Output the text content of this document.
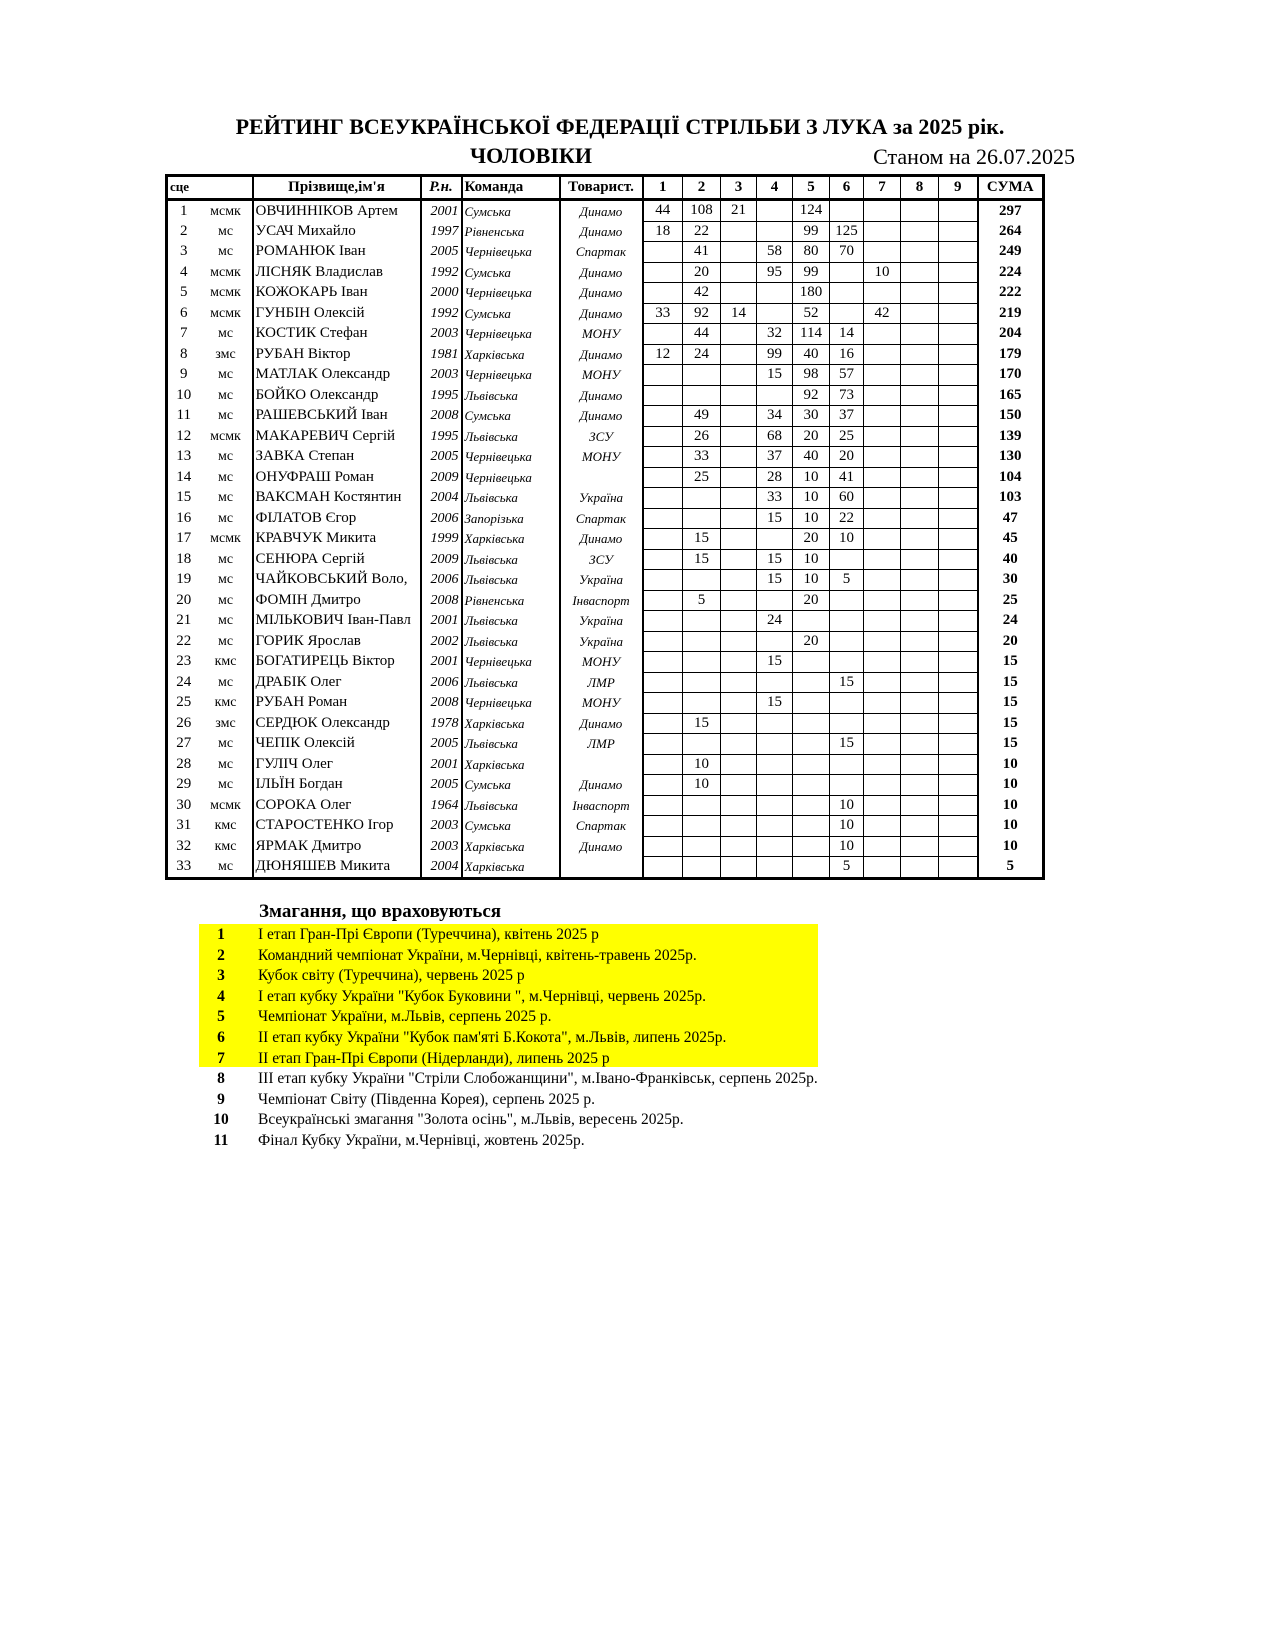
РЕЙТИНГ ВСЕУКРАЇНСЬКОЇ ФЕДЕРАЦІЇ СТРІЛЬБИ З ЛУКА за 2025 рік.
ЧОЛОВІКИ	Станом на 26.07.2025
сце		Прізвище,ім'я	Р.н.	Команда	Товарист.	1	2	3	4	5	6	7	8	9	СУМА
1	мсмк	ОВЧИННІКОВ Артем	2001	Сумська	Динамо	44	108	21		124					297
2	мс	УСАЧ Михайло	1997	Рівненська	Динамо	18	22			99	125				264
3	мс	РОМАНЮК Іван	2005	Чернівецька	Спартак		41		58	80	70				249
4	мсмк	ЛІСНЯК Владислав	1992	Сумська	Динамо		20		95	99		10			224
5	мсмк	КОЖОКАРЬ Іван	2000	Чернівецька	Динамо		42			180					222
6	мсмк	ГУНБІН Олексій	1992	Сумська	Динамо	33	92	14		52		42			219
7	мс	КОСТИК Стефан	2003	Чернівецька	МОНУ		44		32	114	14				204
8	змс	РУБАН Віктор	1981	Харківська	Динамо	12	24		99	40	16				179
9	мс	МАТЛАК Олександр	2003	Чернівецька	МОНУ				15	98	57				170
10	мс	БОЙКО Олександр	1995	Львівська	Динамо					92	73				165
11	мс	РАШЕВСЬКИЙ Іван	2008	Сумська	Динамо		49		34	30	37				150
12	мсмк	МАКАРЕВИЧ Сергій	1995	Львівська	ЗСУ		26		68	20	25				139
13	мс	ЗАВКА Степан	2005	Чернівецька	МОНУ		33		37	40	20				130
14	мс	ОНУФРАШ Роман	2009	Чернівецька			25		28	10	41				104
15	мс	ВАКСМАН Костянтин	2004	Львівська	Україна				33	10	60				103
16	мс	ФІЛАТОВ Єгор	2006	Запорізька	Спартак				15	10	22				47
17	мсмк	КРАВЧУК Микита	1999	Харківська	Динамо		15			20	10				45
18	мс	СЕНЮРА Сергій	2009	Львівська	ЗСУ		15		15	10					40
19	мс	ЧАЙКОВСЬКИЙ Воло,	2006	Львівська	Україна				15	10	5				30
20	мс	ФОМІН Дмитро	2008	Рівненська	Інваспорт		5			20					25
21	мс	МІЛЬКОВИЧ Іван-Павл	2001	Львівська	Україна				24						24
22	мс	ГОРИК Ярослав	2002	Львівська	Україна					20					20
23	кмс	БОГАТИРЕЦЬ Віктор	2001	Чернівецька	МОНУ				15						15
24	мс	ДРАБІК Олег	2006	Львівська	ЛМР						15				15
25	кмс	РУБАН Роман	2008	Чернівецька	МОНУ				15						15
26	змс	СЕРДЮК Олександр	1978	Харківська	Динамо		15								15
27	мс	ЧЕПІК Олексій	2005	Львівська	ЛМР						15				15
28	мс	ГУЛІЧ Олег	2001	Харківська			10								10
29	мс	ІЛЬЇН Богдан	2005	Сумська	Динамо		10								10
30	мсмк	СОРОКА Олег	1964	Львівська	Інваспорт						10				10
31	кмс	СТАРОСТЕНКО Ігор	2003	Сумська	Спартак						10				10
32	кмс	ЯРМАК Дмитро	2003	Харківська	Динамо						10				10
33	мс	ДЮНЯШЕВ Микита	2004	Харківська							5				5
Змагання, що враховуються
1 І етап Гран-Прі Європи (Туреччина), квітень 2025 р
2 Командний чемпіонат України, м.Чернівці, квітень-травень 2025р.
3 Кубок світу (Туреччина), червень 2025 р
4 І етап кубку України "Кубок Буковини ", м.Чернівці, червень 2025р.
5 Чемпіонат України, м.Львів, серпень 2025 р.
6 ІІ етап кубку України "Кубок пам'яті Б.Кокота", м.Львів, липень 2025р.
7 ІІ етап Гран-Прі Європи (Нідерланди), липень 2025 р
8 ІІІ етап кубку України "Стріли Слобожанщини", м.Івано-Франківськ, серпень 2025р.
9 Чемпіонат Світу (Південна Корея), серпень 2025 р.
10 Всеукраїнські змагання "Золота осінь", м.Львів, вересень 2025р.
11 Фінал Кубку України, м.Чернівці, жовтень 2025р.
